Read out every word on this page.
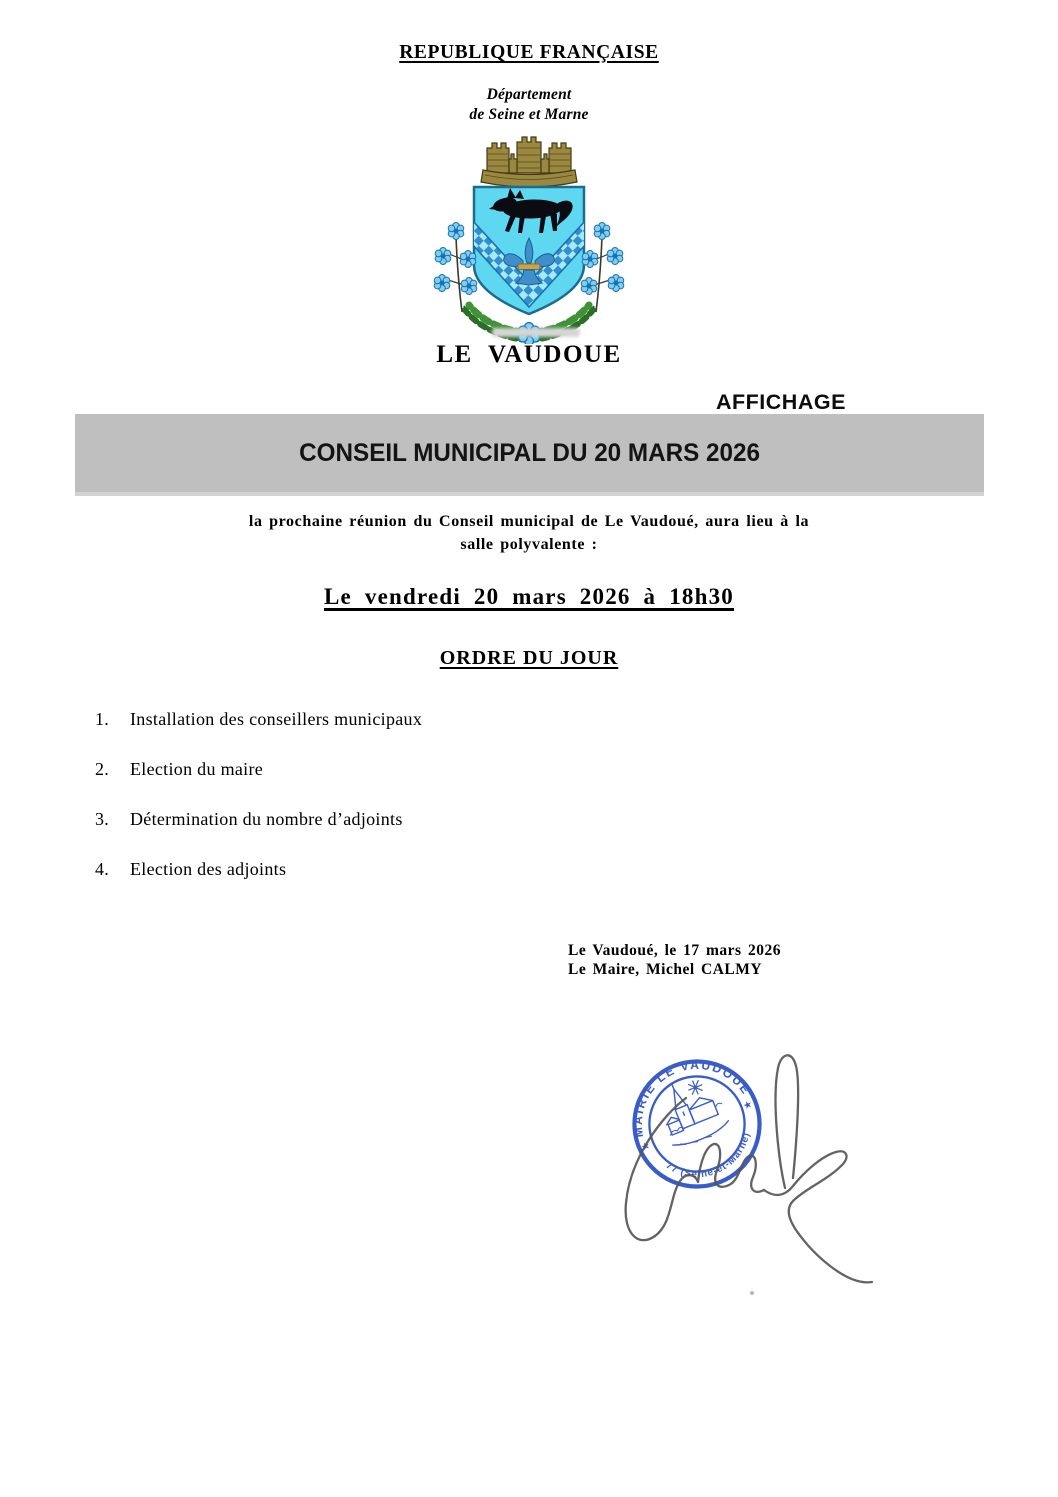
REPUBLIQUE FRANÇAISE
Département
de Seine et Marne
LE VAUDOUE
AFFICHAGE
CONSEIL MUNICIPAL DU 20 MARS 2026
la prochaine réunion du Conseil municipal de Le Vaudoué, aura lieu à la
salle polyvalente :
Le vendredi 20 mars 2026 à 18h30
ORDRE DU JOUR
1.	Installation des conseillers municipaux
2.	Election du maire
3.	Détermination du nombre d’adjoints
4.	Election des adjoints
Le Vaudoué, le 17 mars 2026
Le Maire, Michel CALMY
MAIRIE LE VAUDOUE
77 (Seine-et-Marne)
★
★
